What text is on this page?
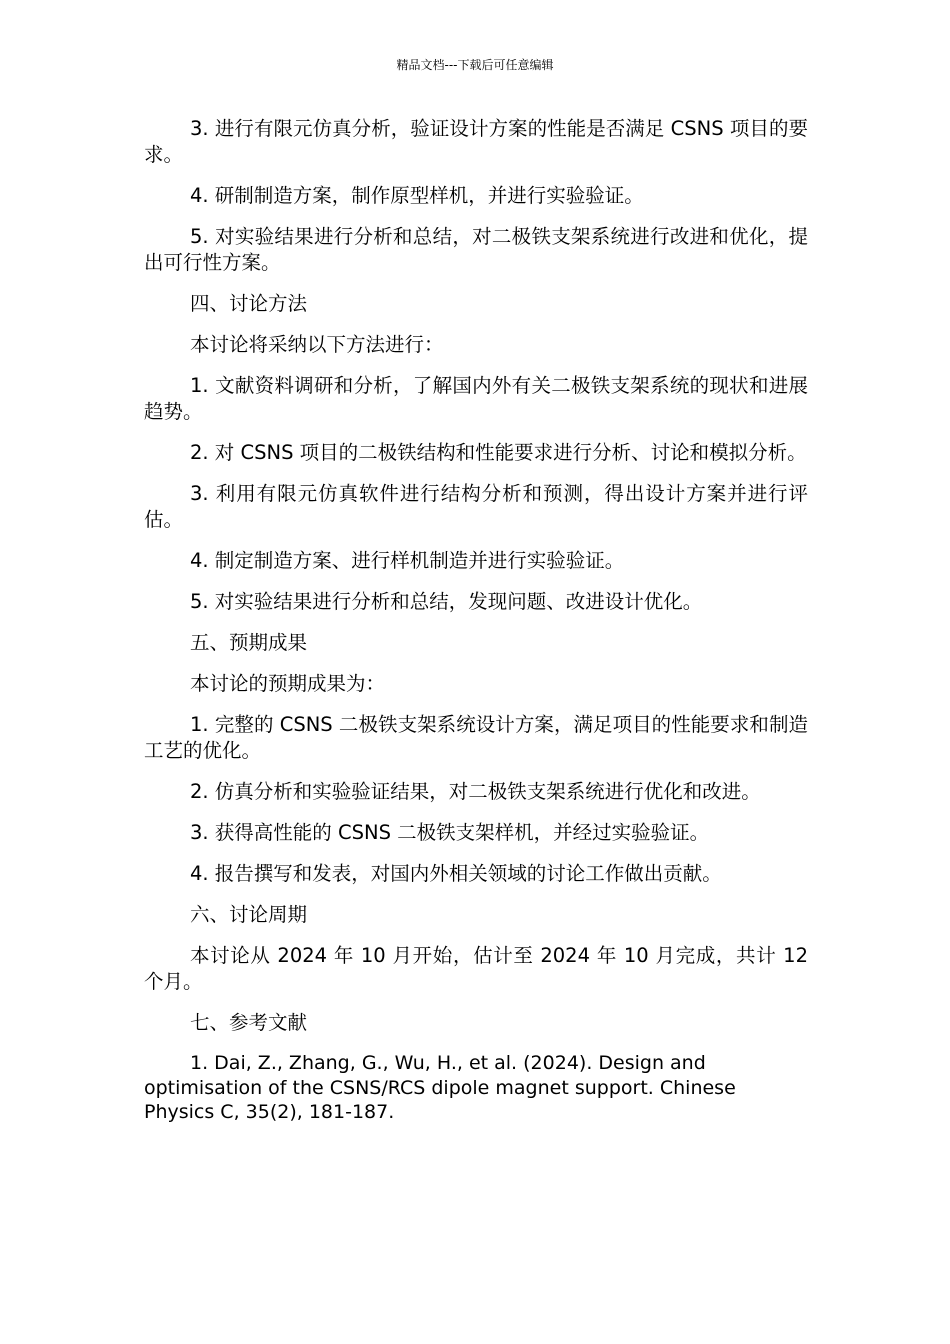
精品文档---下载后可任意编辑

3. 进行有限元仿真分析，验证设计方案的性能是否满足 CSNS 项目的要求。

4. 研制制造方案，制作原型样机，并进行实验验证。

5. 对实验结果进行分析和总结，对二极铁支架系统进行改进和优化，提出可行性方案。

四、讨论方法

本讨论将采纳以下方法进行：

1. 文献资料调研和分析，了解国内外有关二极铁支架系统的现状和进展趋势。

2. 对 CSNS 项目的二极铁结构和性能要求进行分析、讨论和模拟分析。

3. 利用有限元仿真软件进行结构分析和预测，得出设计方案并进行评估。

4. 制定制造方案、进行样机制造并进行实验验证。

5. 对实验结果进行分析和总结，发现问题、改进设计优化。

五、预期成果

本讨论的预期成果为：

1. 完整的 CSNS 二极铁支架系统设计方案，满足项目的性能要求和制造工艺的优化。

2. 仿真分析和实验验证结果，对二极铁支架系统进行优化和改进。

3. 获得高性能的 CSNS 二极铁支架样机，并经过实验验证。

4. 报告撰写和发表，对国内外相关领域的讨论工作做出贡献。

六、讨论周期

本讨论从 2024 年 10 月开始，估计至 2024 年 10 月完成，共计 12 个月。

七、参考文献

1. Dai, Z., Zhang, G., Wu, H., et al. (2024). Design and optimisation of the CSNS/RCS dipole magnet support. Chinese Physics C, 35(2), 181-187.
